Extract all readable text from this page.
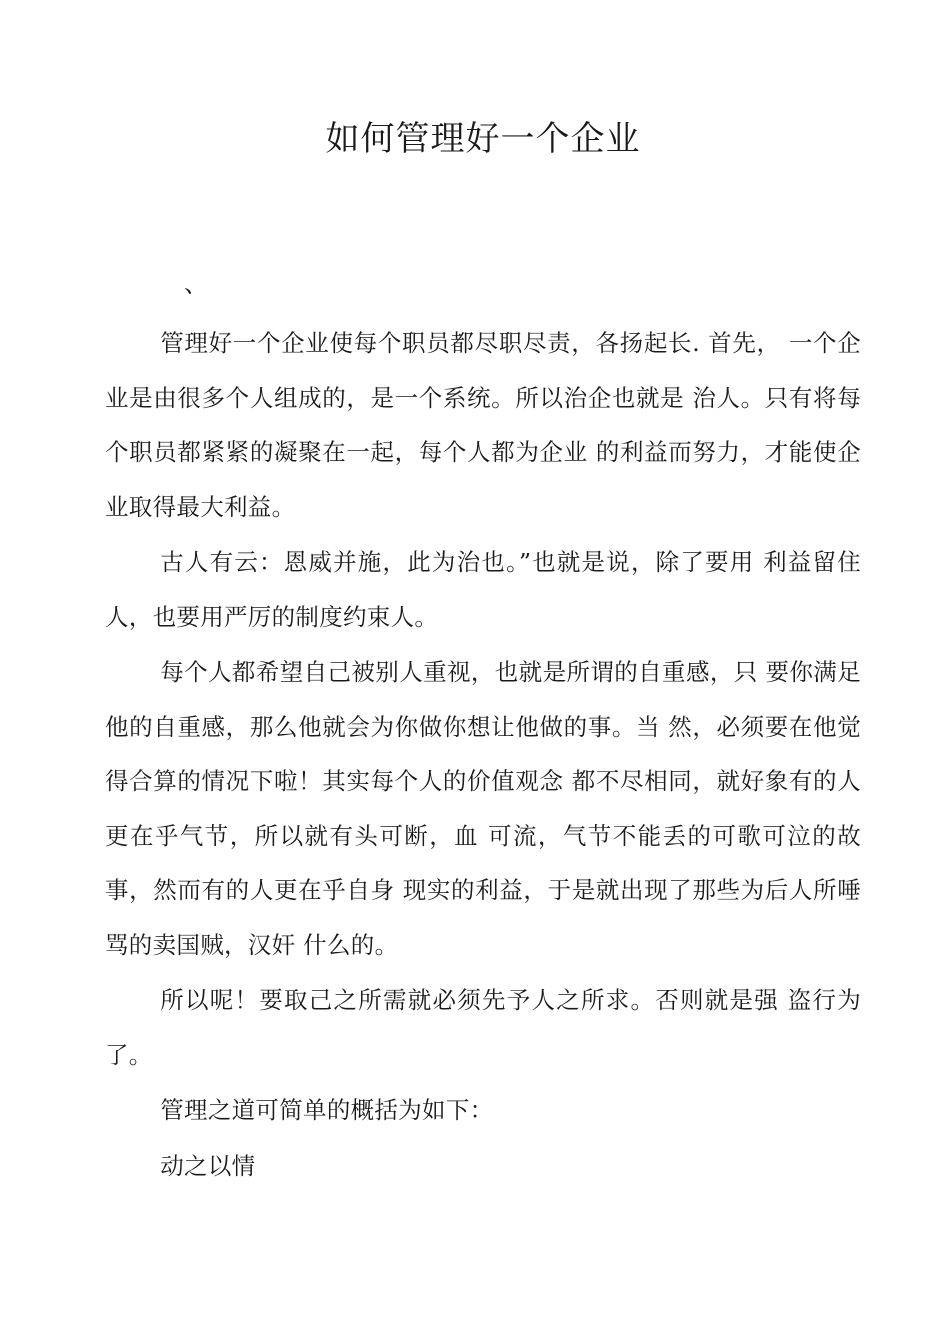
如何管理好一个企业
、

管理好一个企业使每个职员都尽职尽责，各扬起长. 首先， 一个企业是由很多个人组成的，是一个系统。所以治企也就是 治人。只有将每个职员都紧紧的凝聚在一起，每个人都为企业 的利益而努力，才能使企业取得最大利益。

古人有云：恩威并施，此为治也。”也就是说，除了要用 利益留住人，也要用严厉的制度约束人。

每个人都希望自己被别人重视，也就是所谓的自重感，只 要你满足他的自重感，那么他就会为你做你想让他做的事。当 然，必须要在他觉得合算的情况下啦！其实每个人的价值观念 都不尽相同，就好象有的人更在乎气节，所以就有头可断，血 可流，气节不能丢的可歌可泣的故事，然而有的人更在乎自身 现实的利益，于是就出现了那些为后人所唾骂的卖国贼，汉奸 什么的。

所以呢！要取己之所需就必须先予人之所求。否则就是强 盗行为了。

管理之道可简单的概括为如下：

动之以情
